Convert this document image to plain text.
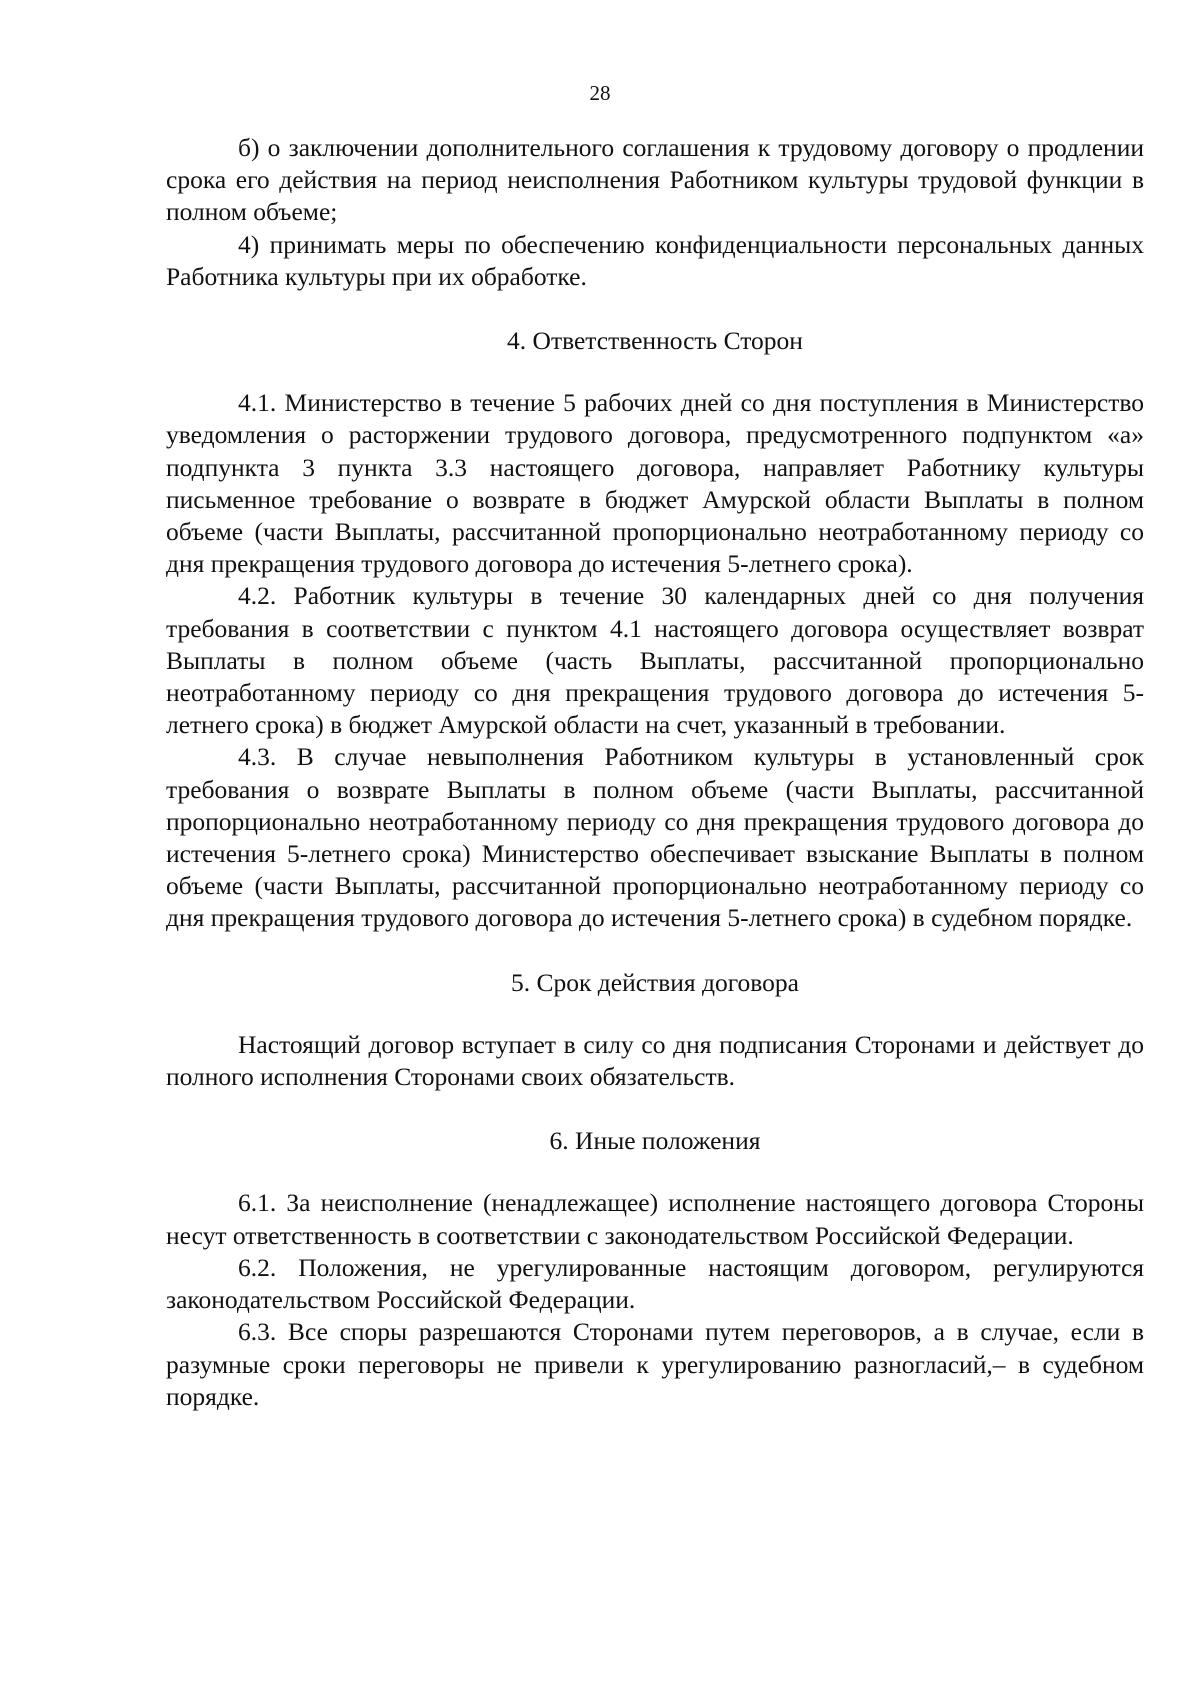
28

б) о заключении дополнительного соглашения к трудовому договору о продлении срока его действия на период неисполнения Работником культуры трудовой функции в полном объеме;

4) принимать меры по обеспечению конфиденциальности персональных данных Работника культуры при их обработке.

4. Ответственность Сторон

4.1. Министерство в течение 5 рабочих дней со дня поступления в Министерство уведомления о расторжении трудового договора, предусмотренного подпунктом «а» подпункта 3 пункта 3.3 настоящего договора, направляет Работнику культуры письменное требование о возврате в бюджет Амурской области Выплаты в полном объеме (части Выплаты, рассчитанной пропорционально неотработанному периоду со дня прекращения трудового договора до истечения 5-летнего срока).

4.2. Работник культуры в течение 30 календарных дней со дня получения требования в соответствии с пунктом 4.1 настоящего договора осуществляет возврат Выплаты в полном объеме (часть Выплаты, рассчитанной пропорционально неотработанному периоду со дня прекращения трудового договора до истечения 5-летнего срока) в бюджет Амурской области на счет, указанный в требовании.

4.3. В случае невыполнения Работником культуры в установленный срок требования о возврате Выплаты в полном объеме (части Выплаты, рассчитанной пропорционально неотработанному периоду со дня прекращения трудового договора до истечения 5-летнего срока) Министерство обеспечивает взыскание Выплаты в полном объеме (части Выплаты, рассчитанной пропорционально неотработанному периоду со дня прекращения трудового договора до истечения 5-летнего срока) в судебном порядке.

5. Срок действия договора

Настоящий договор вступает в силу со дня подписания Сторонами и действует до полного исполнения Сторонами своих обязательств.

6. Иные положения

6.1. За неисполнение (ненадлежащее) исполнение настоящего договора Стороны несут ответственность в соответствии с законодательством Российской Федерации.

6.2. Положения, не урегулированные настоящим договором, регулируются законодательством Российской Федерации.

6.3. Все споры разрешаются Сторонами путем переговоров, а в случае, если в разумные сроки переговоры не привели к урегулированию разногласий,– в судебном порядке.
